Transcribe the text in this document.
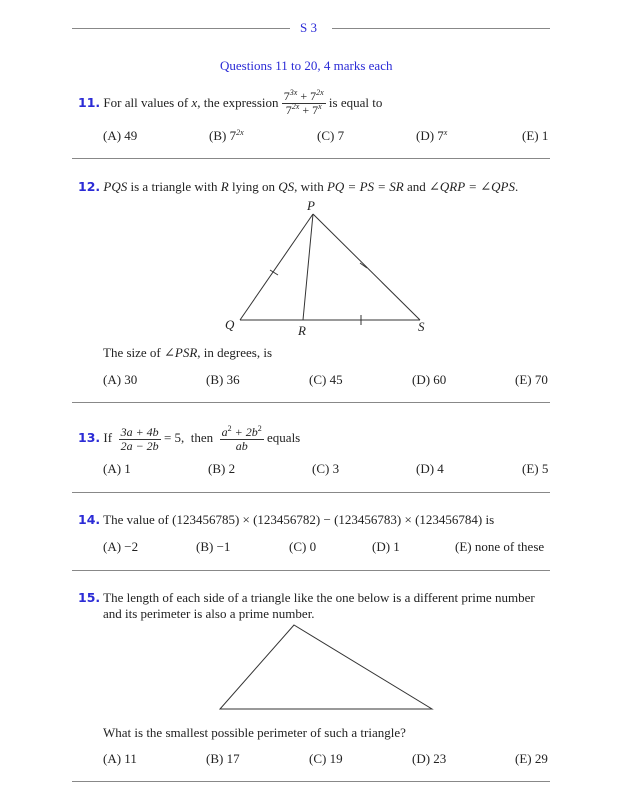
S 3
Questions 11 to 20, 4 marks each
11. For all values of x, the expression $\frac{7^{3x} + 7^{2x}}{7^{2x} + 7^x}$ is equal to
(A) 49	(B) $7^{2x}$	(C) 7	(D) 7$^x$	(E) 1
12. PQS is a triangle with R lying on QS, with PQ = PS = SR and ∠QRP = ∠QPS.
P
Q	R	S
The size of ∠PSR, in degrees, is
(A) 30	(B) 36	(C) 45	(D) 60	(E) 70
13. If $\frac{3a + 4b}{2a - 2b} = 5$, then $\frac{a^2 + 2b^2}{ab}$ equals
(A) 1	(B) 2	(C) 3	(D) 4	(E) 5
14. The value of (123456785) × (123456782) − (123456783) × (123456784) is
(A) −2	(B) −1	(C) 0	(D) 1	(E) none of these
15. The length of each side of a triangle like the one below is a different prime number
and its perimeter is also a prime number.
What is the smallest possible perimeter of such a triangle?
(A) 11	(B) 17	(C) 19	(D) 23	(E) 29
